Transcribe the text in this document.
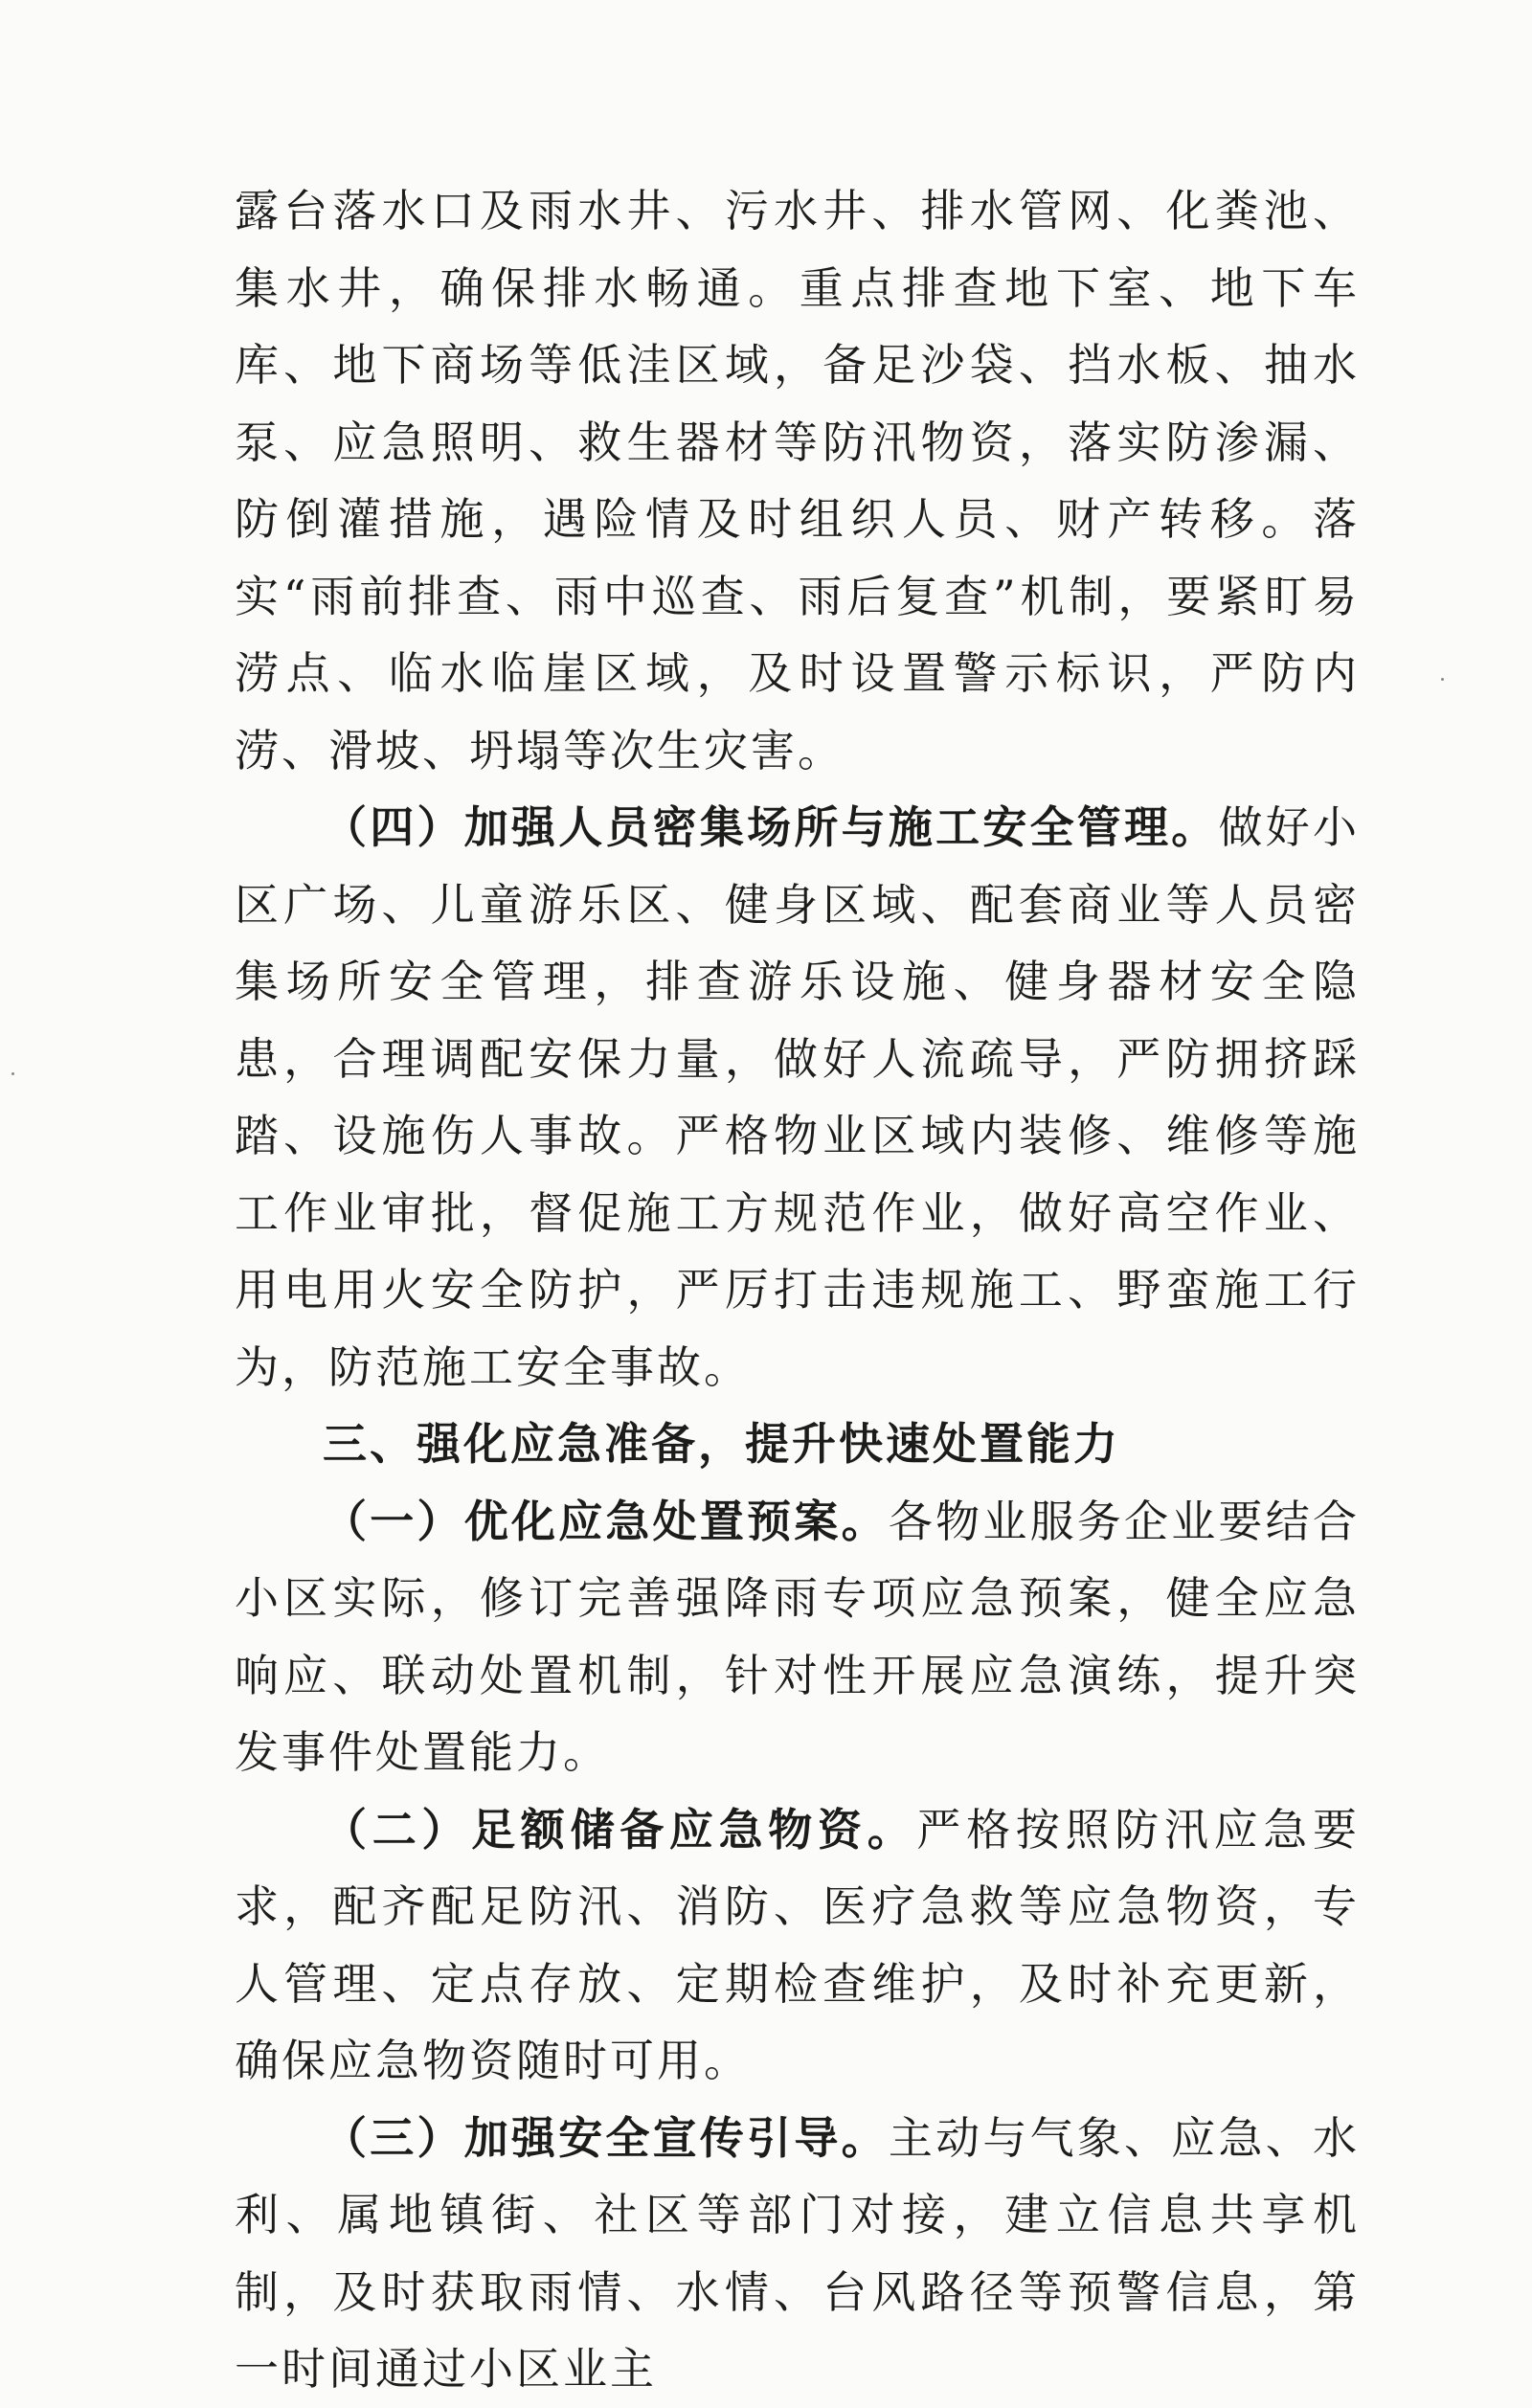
露台落水口及雨水井、污水井、排水管网、化粪池、集水井，确保排水畅通。重点排查地下室、地下车库、地下商场等低洼区域，备足沙袋、挡水板、抽水泵、应急照明、救生器材等防汛物资，落实防渗漏、防倒灌措施，遇险情及时组织人员、财产转移。落实“雨前排查、雨中巡查、雨后复查”机制，要紧盯易涝点、临水临崖区域，及时设置警示标识，严防内涝、滑坡、坍塌等次生灾害。

（四）加强人员密集场所与施工安全管理。做好小区广场、儿童游乐区、健身区域、配套商业等人员密集场所安全管理，排查游乐设施、健身器材安全隐患，合理调配安保力量，做好人流疏导，严防拥挤踩踏、设施伤人事故。严格物业区域内装修、维修等施工作业审批，督促施工方规范作业，做好高空作业、用电用火安全防护，严厉打击违规施工、野蛮施工行为，防范施工安全事故。

三、强化应急准备，提升快速处置能力

（一）优化应急处置预案。各物业服务企业要结合小区实际，修订完善强降雨专项应急预案，健全应急响应、联动处置机制，针对性开展应急演练，提升突发事件处置能力。

（二）足额储备应急物资。严格按照防汛应急要求，配齐配足防汛、消防、医疗急救等应急物资，专人管理、定点存放、定期检查维护，及时补充更新，确保应急物资随时可用。

（三）加强安全宣传引导。主动与气象、应急、水利、属地镇街、社区等部门对接，建立信息共享机制，及时获取雨情、水情、台风路径等预警信息，第一时间通过小区业主
